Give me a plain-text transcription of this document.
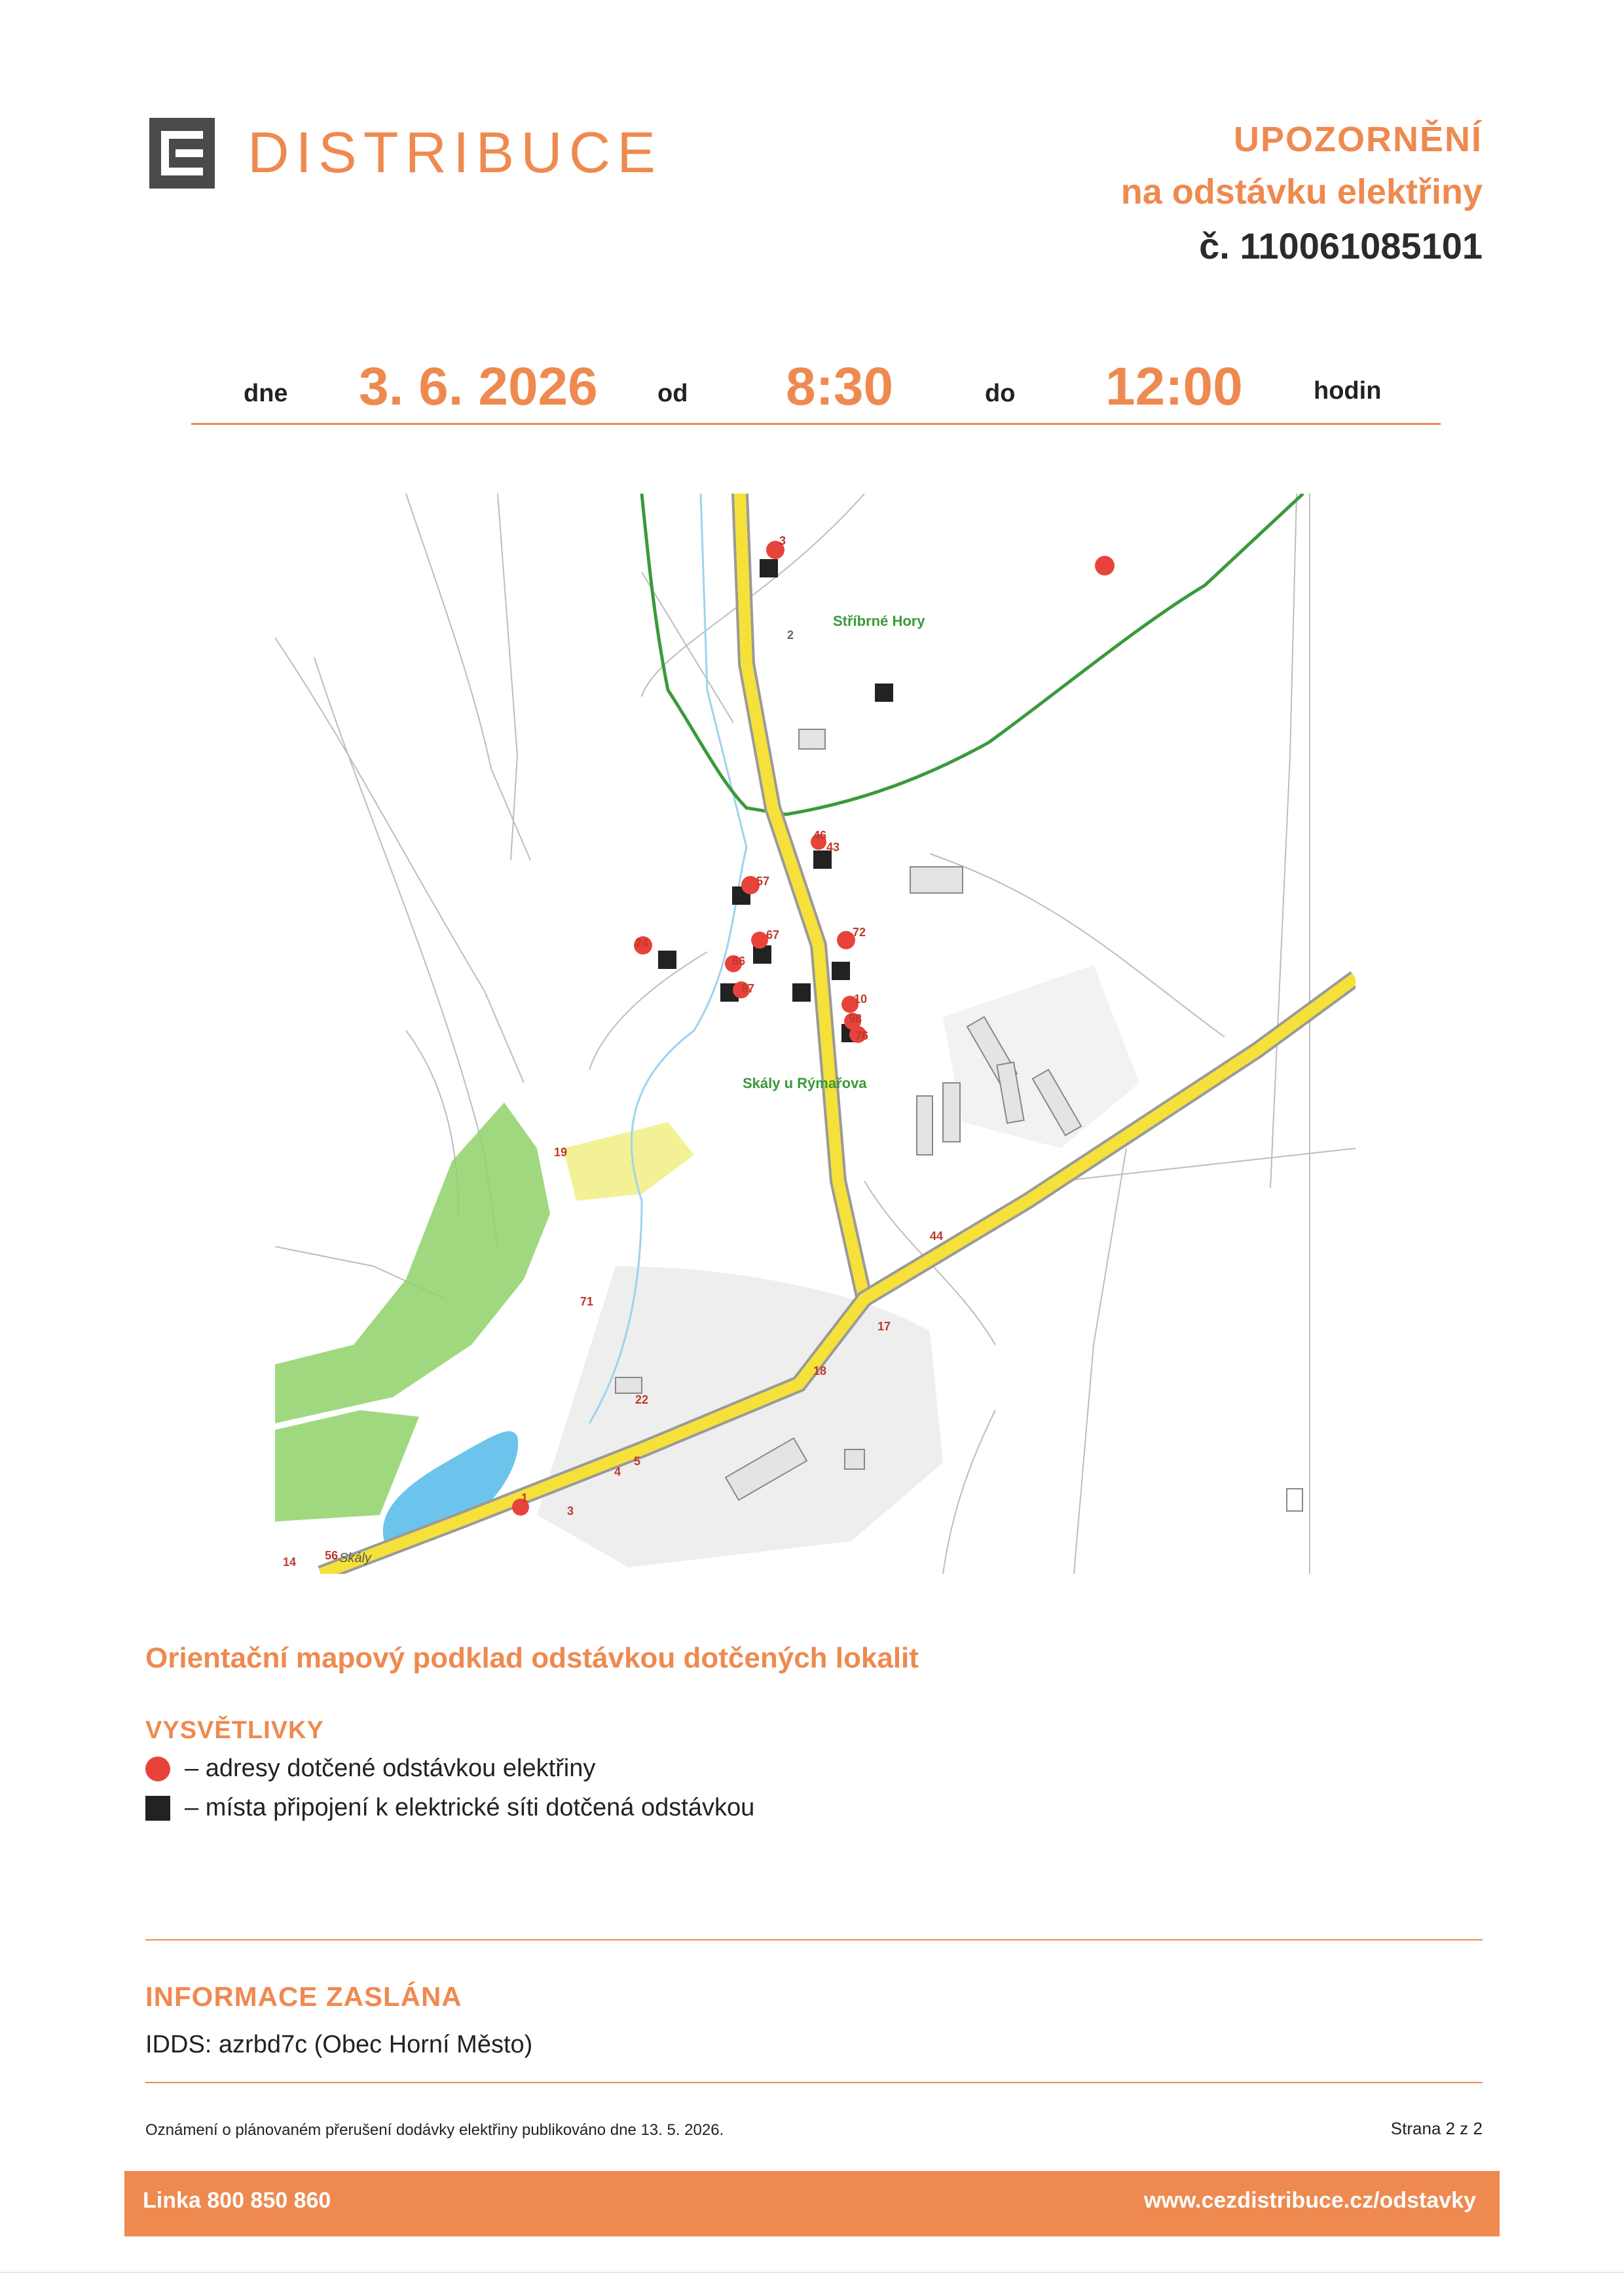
DISTRIBUCE	UPOZORNĚNÍ
na odstávku elektřiny
č. 110061085101
dne 3. 6. 2026 od 8:30	do 12:00	hodin
3
2
46
43
57
72
24
67
66
87
10
98
76
19
44
71
17
18
22
5
4
1
3
14 56
Stříbrné Hory
Skály u Rýmařova
Skály
Orientační mapový podklad odstávkou dotčených lokalit
VYSVĚTLIVKY
– adresy dotčené odstávkou elektřiny
– místa připojení k elektrické síti dotčená odstávkou
INFORMACE ZASLÁNA
IDDS: azrbd7c (Obec Horní Město)
Oznámení o plánovaném přerušení dodávky elektřiny publikováno dne 13. 5. 2026.	Strana 2 z 2
Linka 800 850 860	www.cezdistribuce.cz/odstavky
